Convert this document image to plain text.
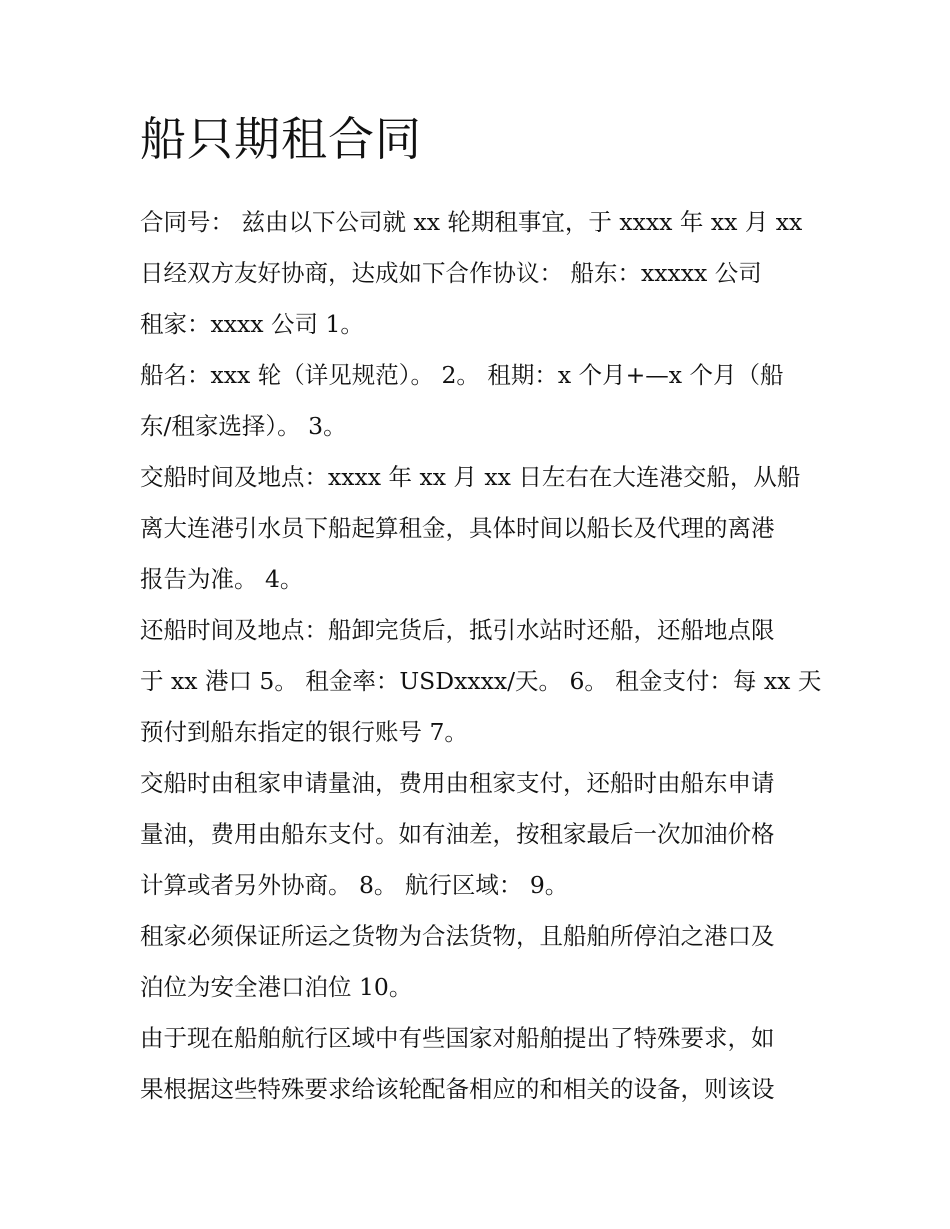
船只期租合同
合同号： 兹由以下公司就 xx 轮期租事宜，于 xxxx 年 xx 月 xx
日经双方友好协商，达成如下合作协议： 船东：xxxxx 公司
租家：xxxx 公司 1。
船名：xxx 轮（详见规范）。 2。 租期：x 个月+—x 个月（船
东/租家选择）。 3。
交船时间及地点：xxxx 年 xx 月 xx 日左右在大连港交船，从船
离大连港引水员下船起算租金，具体时间以船长及代理的离港
报告为准。 4。
还船时间及地点：船卸完货后，抵引水站时还船，还船地点限
于 xx 港口 5。 租金率：USDxxxx/天。 6。 租金支付：每 xx 天
预付到船东指定的银行账号 7。
交船时由租家申请量油，费用由租家支付，还船时由船东申请
量油，费用由船东支付。如有油差，按租家最后一次加油价格
计算或者另外协商。 8。 航行区域： 9。
租家必须保证所运之货物为合法货物，且船舶所停泊之港口及
泊位为安全港口泊位 10。
由于现在船舶航行区域中有些国家对船舶提出了特殊要求，如
果根据这些特殊要求给该轮配备相应的和相关的设备，则该设
